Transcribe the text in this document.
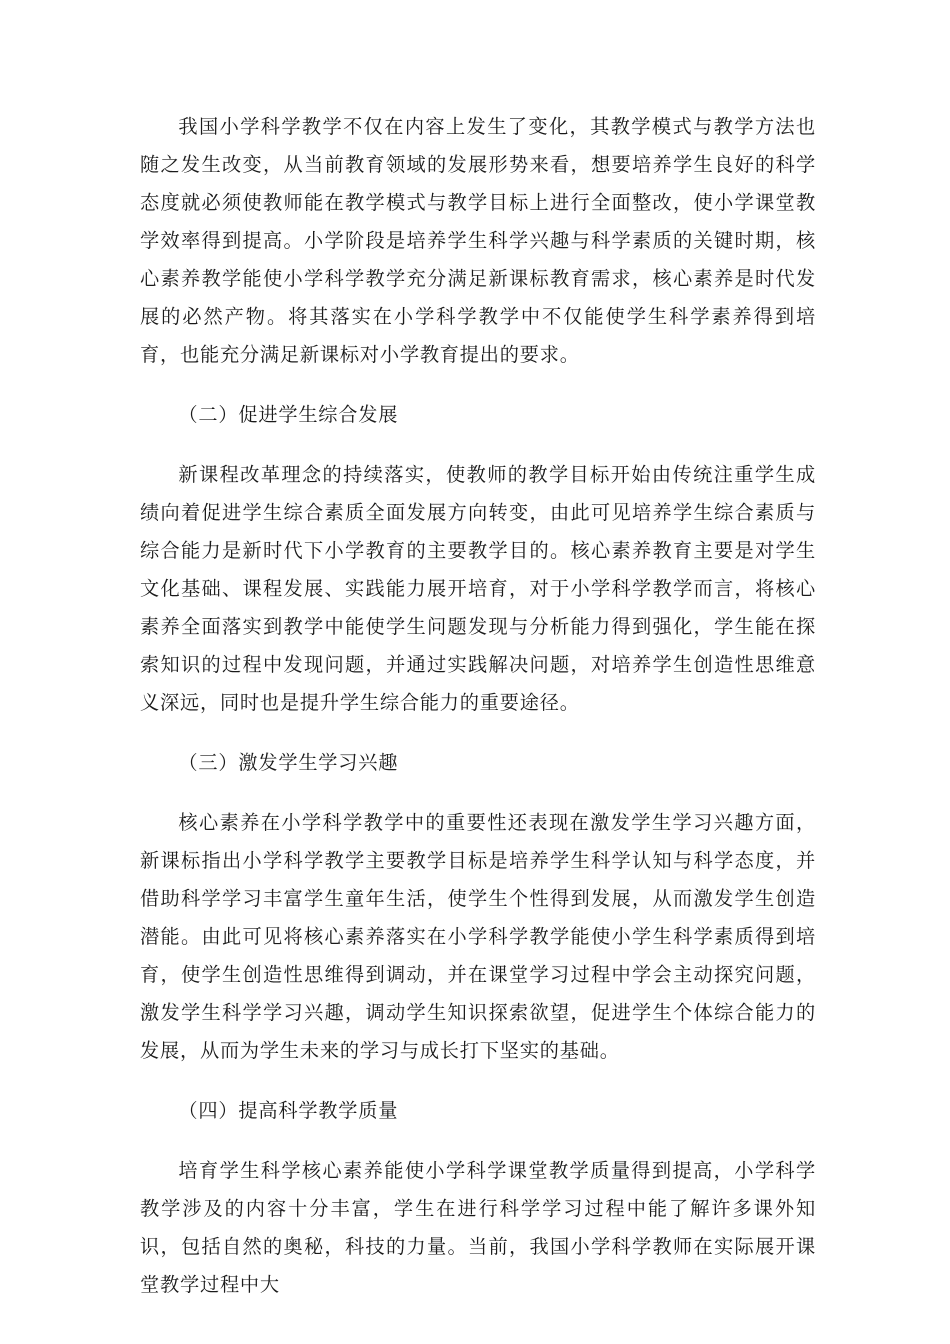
我国小学科学教学不仅在内容上发生了变化，其教学模式与教学方法也随之发生改变，从当前教育领域的发展形势来看，想要培养学生良好的科学态度就必须使教师能在教学模式与教学目标上进行全面整改，使小学课堂教学效率得到提高。小学阶段是培养学生科学兴趣与科学素质的关键时期，核心素养教学能使小学科学教学充分满足新课标教育需求，核心素养是时代发展的必然产物。将其落实在小学科学教学中不仅能使学生科学素养得到培育，也能充分满足新课标对小学教育提出的要求。

（二）促进学生综合发展

新课程改革理念的持续落实，使教师的教学目标开始由传统注重学生成绩向着促进学生综合素质全面发展方向转变，由此可见培养学生综合素质与综合能力是新时代下小学教育的主要教学目的。核心素养教育主要是对学生文化基础、课程发展、实践能力展开培育，对于小学科学教学而言，将核心素养全面落实到教学中能使学生问题发现与分析能力得到强化，学生能在探索知识的过程中发现问题，并通过实践解决问题，对培养学生创造性思维意义深远，同时也是提升学生综合能力的重要途径。

（三）激发学生学习兴趣

核心素养在小学科学教学中的重要性还表现在激发学生学习兴趣方面，新课标指出小学科学教学主要教学目标是培养学生科学认知与科学态度，并借助科学学习丰富学生童年生活，使学生个性得到发展，从而激发学生创造潜能。由此可见将核心素养落实在小学科学教学能使小学生科学素质得到培育，使学生创造性思维得到调动，并在课堂学习过程中学会主动探究问题，激发学生科学学习兴趣，调动学生知识探索欲望，促进学生个体综合能力的发展，从而为学生未来的学习与成长打下坚实的基础。

（四）提高科学教学质量

培育学生科学核心素养能使小学科学课堂教学质量得到提高，小学科学教学涉及的内容十分丰富，学生在进行科学学习过程中能了解许多课外知识，包括自然的奥秘，科技的力量。当前，我国小学科学教师在实际展开课堂教学过程中大
